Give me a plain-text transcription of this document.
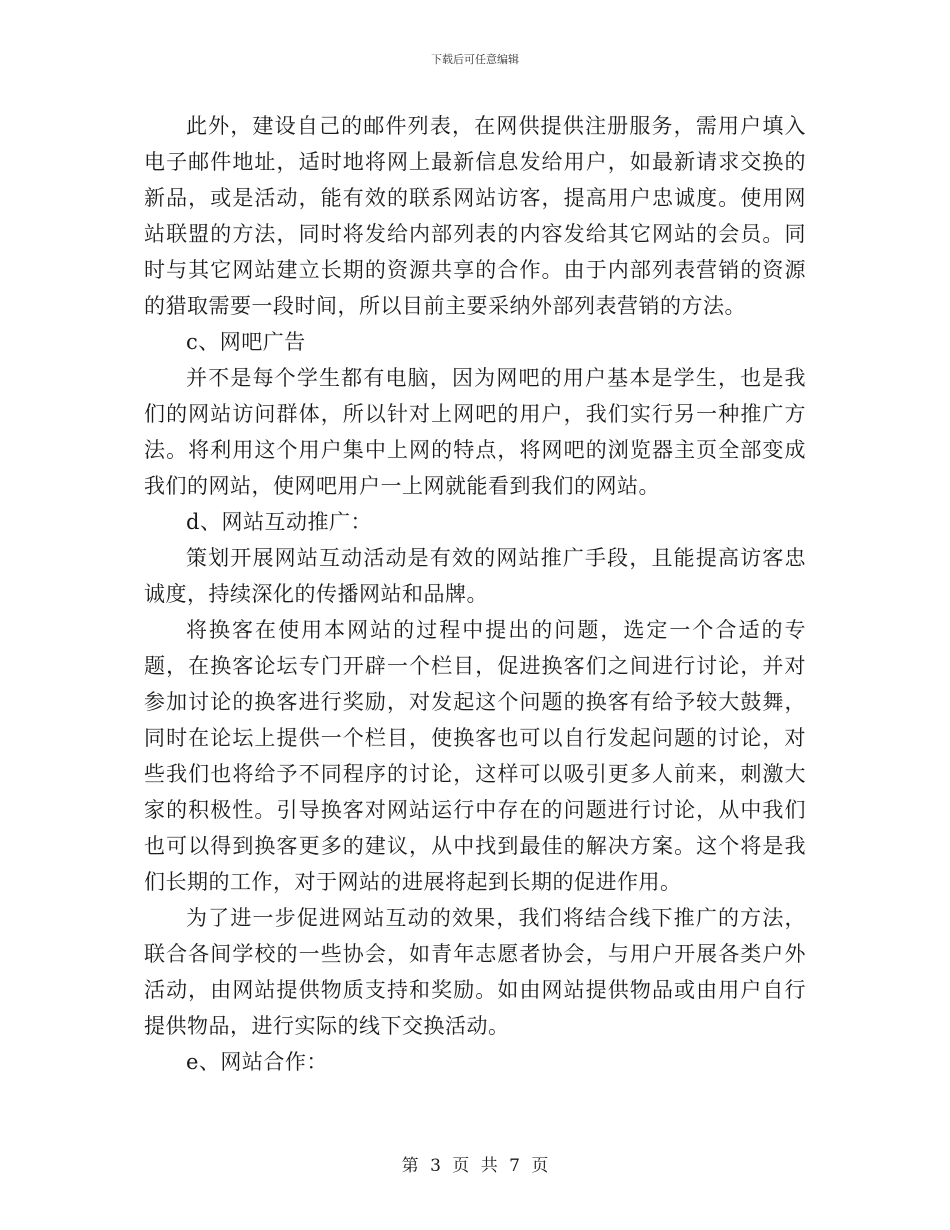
下载后可任意编辑

此外，建设自己的邮件列表，在网供提供注册服务，需用户填入电子邮件地址，适时地将网上最新信息发给用户，如最新请求交换的新品，或是活动，能有效的联系网站访客，提高用户忠诚度。使用网站联盟的方法，同时将发给内部列表的内容发给其它网站的会员。同时与其它网站建立长期的资源共享的合作。由于内部列表营销的资源的猎取需要一段时间，所以目前主要采纳外部列表营销的方法。

c、网吧广告

并不是每个学生都有电脑，因为网吧的用户基本是学生，也是我们的网站访问群体，所以针对上网吧的用户，我们实行另一种推广方法。将利用这个用户集中上网的特点，将网吧的浏览器主页全部变成我们的网站，使网吧用户一上网就能看到我们的网站。

d、网站互动推广：

策划开展网站互动活动是有效的网站推广手段，且能提高访客忠诚度，持续深化的传播网站和品牌。

将换客在使用本网站的过程中提出的问题，选定一个合适的专题，在换客论坛专门开辟一个栏目，促进换客们之间进行讨论，并对参加讨论的换客进行奖励，对发起这个问题的换客有给予较大鼓舞，同时在论坛上提供一个栏目，使换客也可以自行发起问题的讨论，对些我们也将给予不同程序的讨论，这样可以吸引更多人前来，刺激大家的积极性。引导换客对网站运行中存在的问题进行讨论，从中我们也可以得到换客更多的建议，从中找到最佳的解决方案。这个将是我们长期的工作，对于网站的进展将起到长期的促进作用。

为了进一步促进网站互动的效果，我们将结合线下推广的方法，联合各间学校的一些协会，如青年志愿者协会，与用户开展各类户外活动，由网站提供物质支持和奖励。如由网站提供物品或由用户自行提供物品，进行实际的线下交换活动。

e、网站合作：

第 3 页 共 7 页
